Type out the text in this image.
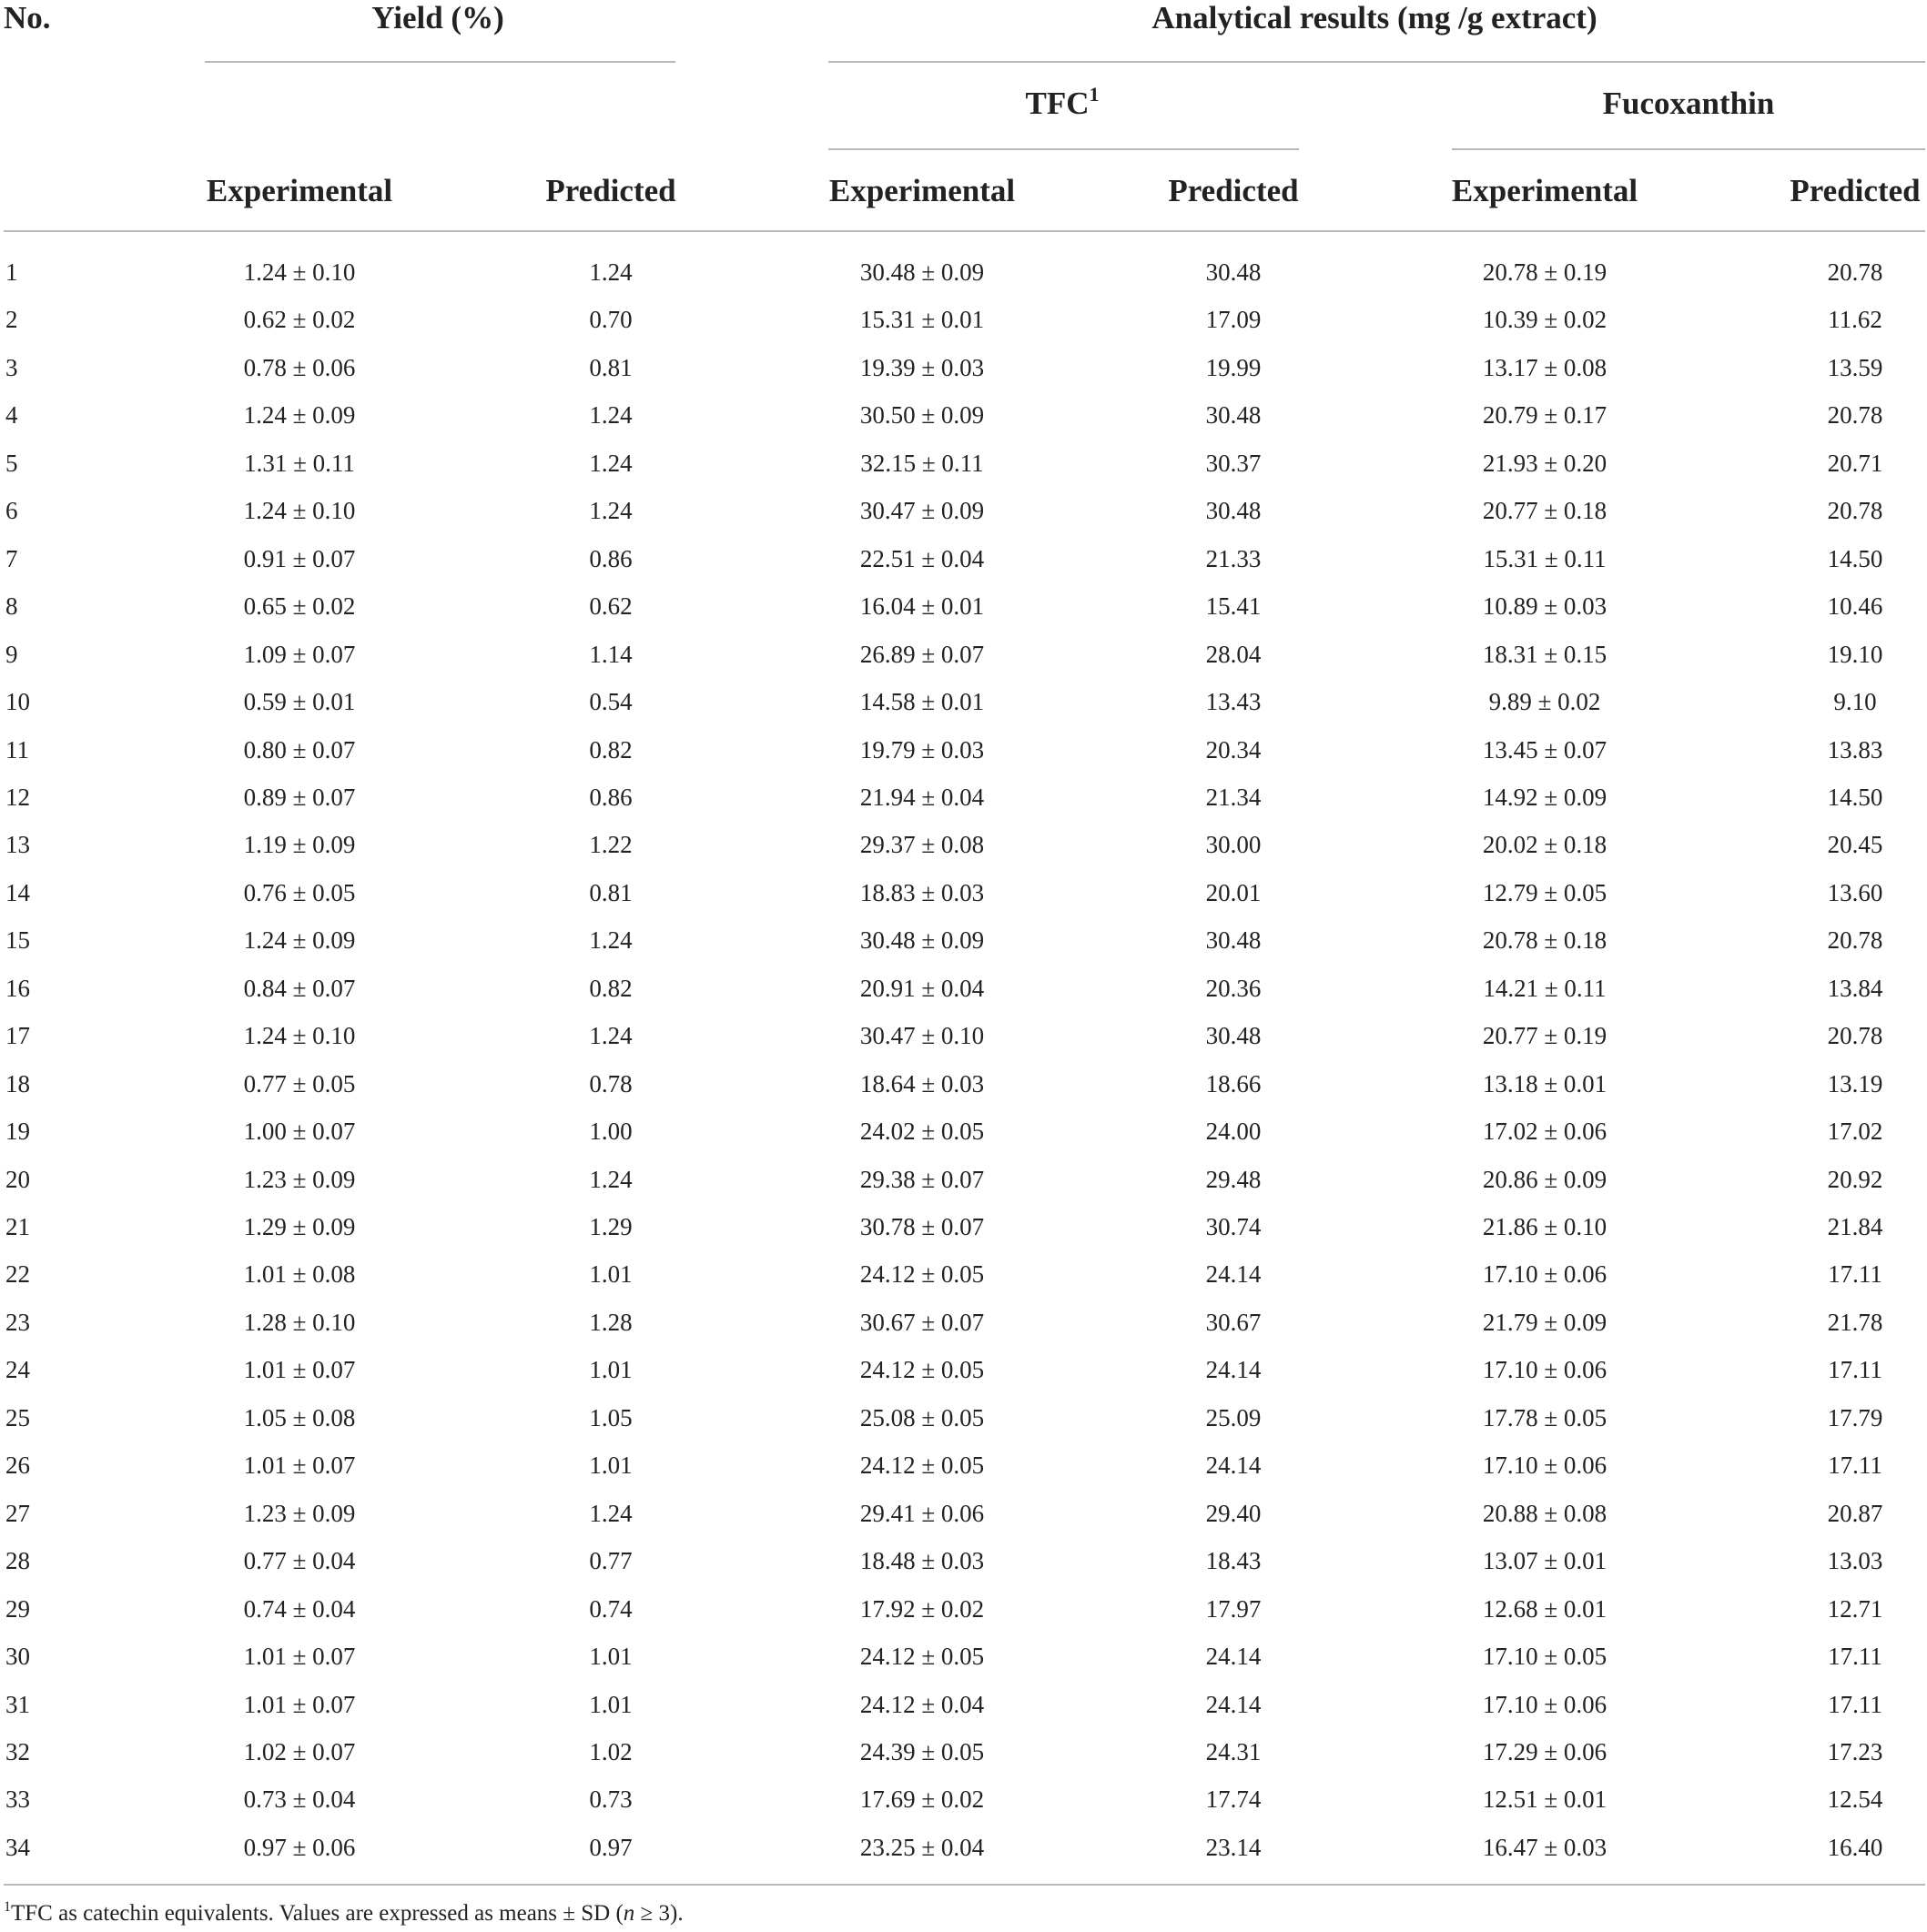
No.	Yield (%)	Analytical results (mg /g extract)
TFC$^1$	Fucoxanthin
Experimental	Predicted	Experimental	Predicted	Experimental	Predicted
1	1.24 ± 0.10	1.24	30.48 ± 0.09	30.48	20.78 ± 0.19	20.78
2	0.62 ± 0.02	0.70	15.31 ± 0.01	17.09	10.39 ± 0.02	11.62
3	0.78 ± 0.06	0.81	19.39 ± 0.03	19.99	13.17 ± 0.08	13.59
4	1.24 ± 0.09	1.24	30.50 ± 0.09	30.48	20.79 ± 0.17	20.78
5	1.31 ± 0.11	1.24	32.15 ± 0.11	30.37	21.93 ± 0.20	20.71
6	1.24 ± 0.10	1.24	30.47 ± 0.09	30.48	20.77 ± 0.18	20.78
7	0.91 ± 0.07	0.86	22.51 ± 0.04	21.33	15.31 ± 0.11	14.50
8	0.65 ± 0.02	0.62	16.04 ± 0.01	15.41	10.89 ± 0.03	10.46
9	1.09 ± 0.07	1.14	26.89 ± 0.07	28.04	18.31 ± 0.15	19.10
10	0.59 ± 0.01	0.54	14.58 ± 0.01	13.43	9.89 ± 0.02	9.10
11	0.80 ± 0.07	0.82	19.79 ± 0.03	20.34	13.45 ± 0.07	13.83
12	0.89 ± 0.07	0.86	21.94 ± 0.04	21.34	14.92 ± 0.09	14.50
13	1.19 ± 0.09	1.22	29.37 ± 0.08	30.00	20.02 ± 0.18	20.45
14	0.76 ± 0.05	0.81	18.83 ± 0.03	20.01	12.79 ± 0.05	13.60
15	1.24 ± 0.09	1.24	30.48 ± 0.09	30.48	20.78 ± 0.18	20.78
16	0.84 ± 0.07	0.82	20.91 ± 0.04	20.36	14.21 ± 0.11	13.84
17	1.24 ± 0.10	1.24	30.47 ± 0.10	30.48	20.77 ± 0.19	20.78
18	0.77 ± 0.05	0.78	18.64 ± 0.03	18.66	13.18 ± 0.01	13.19
19	1.00 ± 0.07	1.00	24.02 ± 0.05	24.00	17.02 ± 0.06	17.02
20	1.23 ± 0.09	1.24	29.38 ± 0.07	29.48	20.86 ± 0.09	20.92
21	1.29 ± 0.09	1.29	30.78 ± 0.07	30.74	21.86 ± 0.10	21.84
22	1.01 ± 0.08	1.01	24.12 ± 0.05	24.14	17.10 ± 0.06	17.11
23	1.28 ± 0.10	1.28	30.67 ± 0.07	30.67	21.79 ± 0.09	21.78
24	1.01 ± 0.07	1.01	24.12 ± 0.05	24.14	17.10 ± 0.06	17.11
25	1.05 ± 0.08	1.05	25.08 ± 0.05	25.09	17.78 ± 0.05	17.79
26	1.01 ± 0.07	1.01	24.12 ± 0.05	24.14	17.10 ± 0.06	17.11
27	1.23 ± 0.09	1.24	29.41 ± 0.06	29.40	20.88 ± 0.08	20.87
28	0.77 ± 0.04	0.77	18.48 ± 0.03	18.43	13.07 ± 0.01	13.03
29	0.74 ± 0.04	0.74	17.92 ± 0.02	17.97	12.68 ± 0.01	12.71
30	1.01 ± 0.07	1.01	24.12 ± 0.05	24.14	17.10 ± 0.05	17.11
31	1.01 ± 0.07	1.01	24.12 ± 0.04	24.14	17.10 ± 0.06	17.11
32	1.02 ± 0.07	1.02	24.39 ± 0.05	24.31	17.29 ± 0.06	17.23
33	0.73 ± 0.04	0.73	17.69 ± 0.02	17.74	12.51 ± 0.01	12.54
34	0.97 ± 0.06	0.97	23.25 ± 0.04	23.14	16.47 ± 0.03	16.40
$^1$TFC as catechin equivalents. Values are expressed as means ± SD (n ≥ 3).
